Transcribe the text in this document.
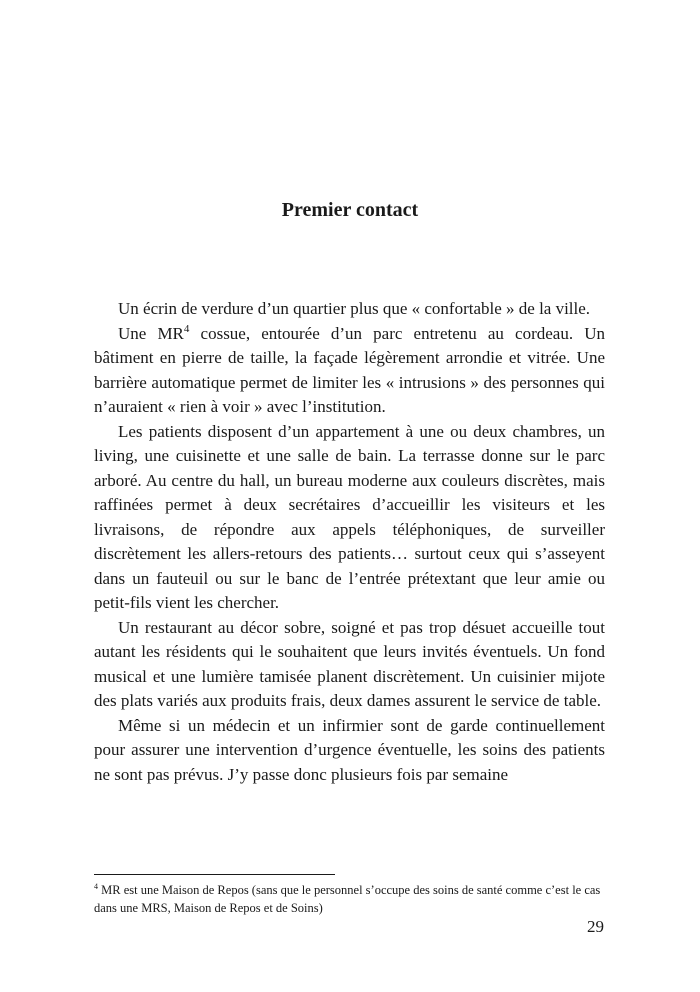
Premier contact

Un écrin de verdure d’un quartier plus que « confortable » de la ville.

Une $MR^4$ cossue, entourée d’un parc entretenu au cordeau. Un bâtiment en pierre de taille, la façade légèrement arrondie et vitrée. Une barrière automatique permet de limiter les « intrusions » des personnes qui n’auraient « rien à voir » avec l’institution.

Les patients disposent d’un appartement à une ou deux chambres, un living, une cuisinette et une salle de bain. La terrasse donne sur le parc arboré. Au centre du hall, un bureau moderne aux couleurs discrètes, mais raffinées permet à deux secrétaires d’accueillir les visiteurs et les livraisons, de répondre aux appels téléphoniques, de surveiller discrètement les allers-retours des patients… surtout ceux qui s’asseyent dans un fauteuil ou sur le banc de l’entrée prétextant que leur amie ou petit-fils vient les chercher.

Un restaurant au décor sobre, soigné et pas trop désuet accueille tout autant les résidents qui le souhaitent que leurs invités éventuels. Un fond musical et une lumière tamisée planent discrètement. Un cuisinier mijote des plats variés aux produits frais, deux dames assurent le service de table.

Même si un médecin et un infirmier sont de garde continuellement pour assurer une intervention d’urgence éventuelle, les soins des patients ne sont pas prévus. J’y passe donc plusieurs fois par semaine

$^4$ MR est une Maison de Repos (sans que le personnel s’occupe des soins de santé comme c’est le cas dans une MRS, Maison de Repos et de Soins)

29
